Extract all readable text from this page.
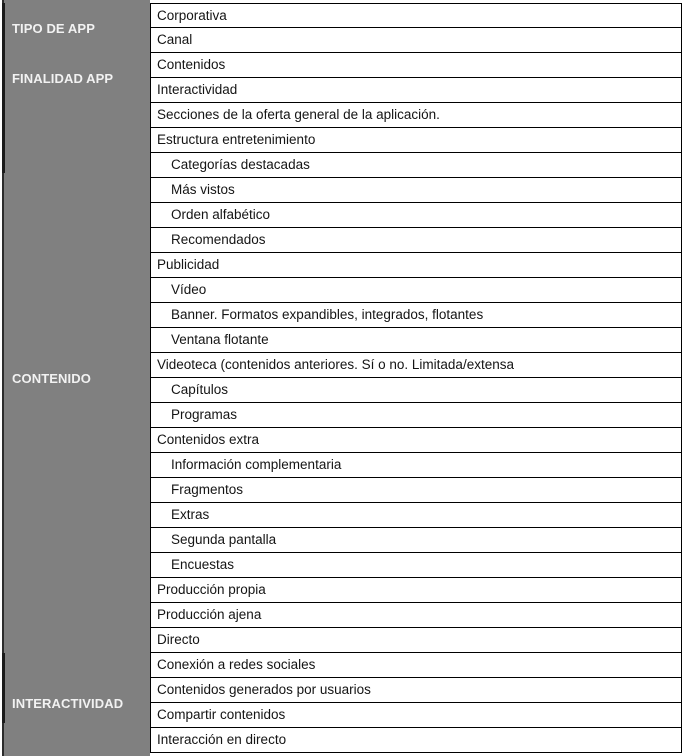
TIPO DE APP
FINALIDAD APP
CONTENIDO
INTERACTIVIDAD
Corporativa
Canal
Contenidos
Interactividad
Secciones de la oferta general de la aplicación.
Estructura entretenimiento
Categorías destacadas
Más vistos
Orden alfabético
Recomendados
Publicidad
Vídeo
Banner. Formatos expandibles, integrados, flotantes
Ventana flotante
Videoteca (contenidos anteriores. Sí o no. Limitada/extensa
Capítulos
Programas
Contenidos extra
Información complementaria
Fragmentos
Extras
Segunda pantalla
Encuestas
Producción propia
Producción ajena
Directo
Conexión a redes sociales
Contenidos generados por usuarios
Compartir contenidos
Interacción en directo
